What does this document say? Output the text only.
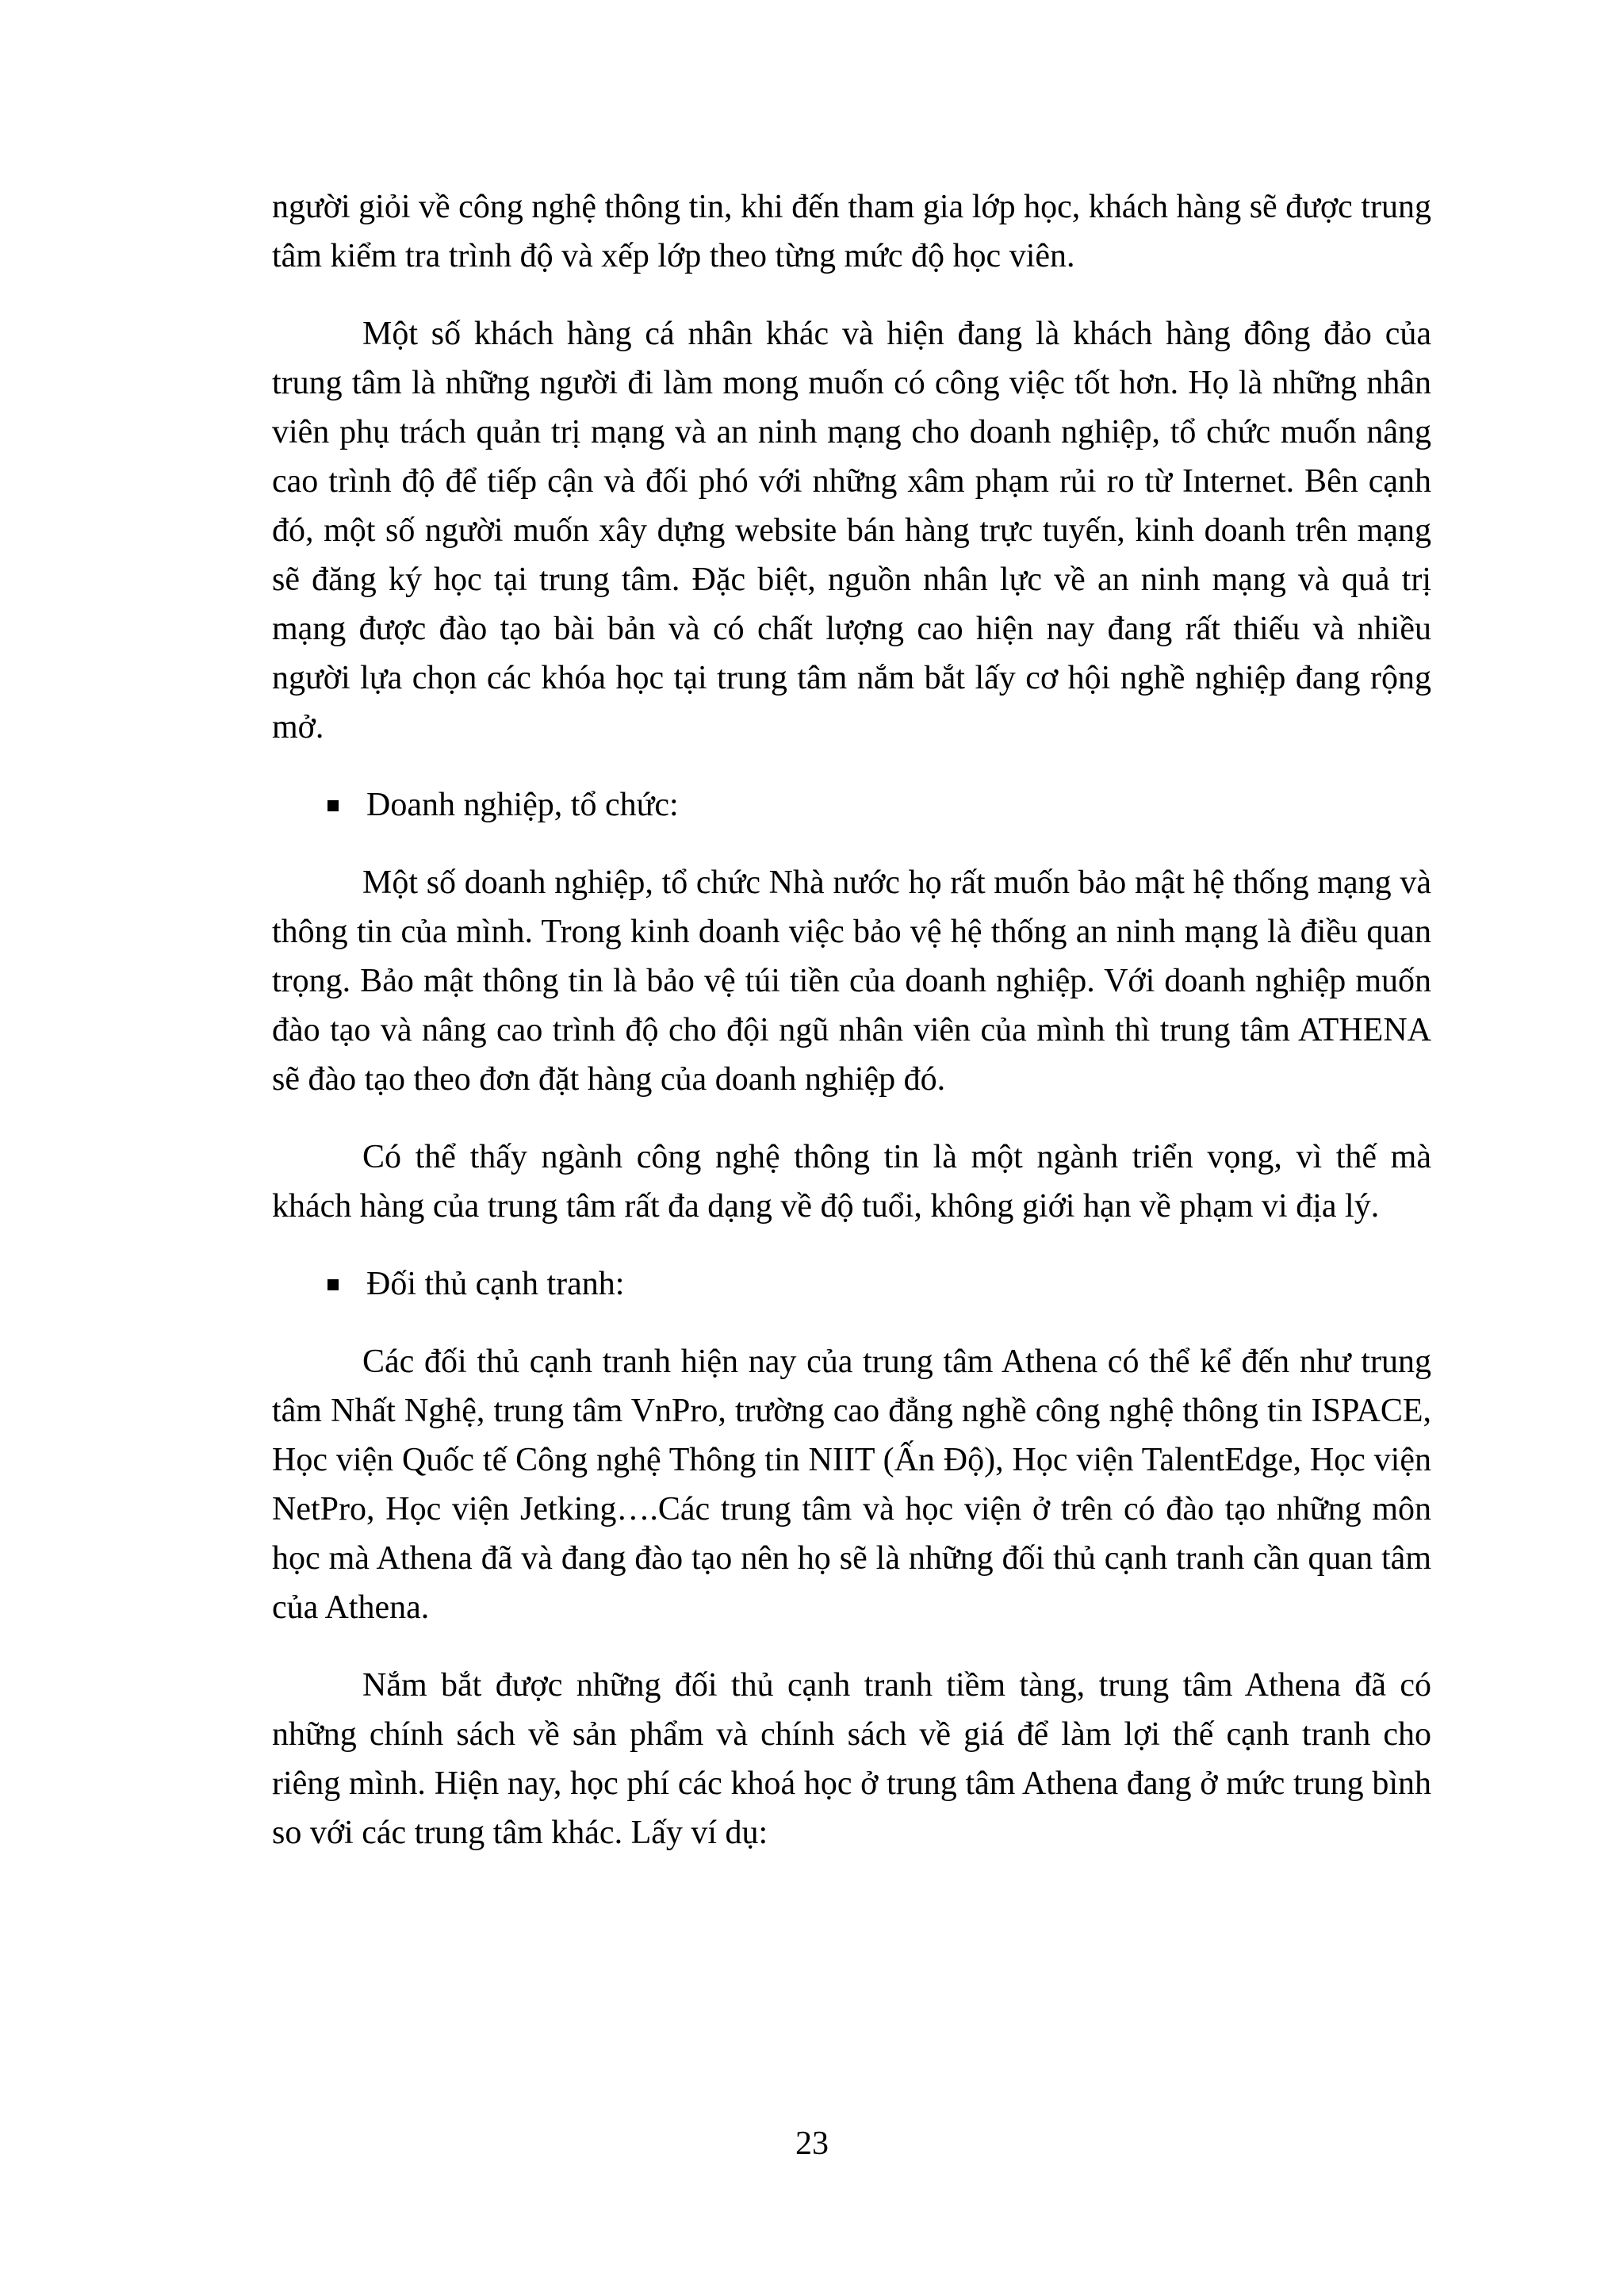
người giỏi về công nghệ thông tin, khi đến tham gia lớp học, khách hàng sẽ được trung tâm kiểm tra trình độ và xếp lớp theo từng mức độ học viên.

Một số khách hàng cá nhân khác và hiện đang là khách hàng đông đảo của trung tâm là những người đi làm mong muốn có công việc tốt hơn. Họ là những nhân viên phụ trách quản trị mạng và an ninh mạng cho doanh nghiệp, tổ chức muốn nâng cao trình độ để tiếp cận và đối phó với những xâm phạm rủi ro từ Internet. Bên cạnh đó, một số người muốn xây dựng website bán hàng trực tuyến, kinh doanh trên mạng sẽ đăng ký học tại trung tâm. Đặc biệt, nguồn nhân lực về an ninh mạng và quả trị mạng được đào tạo bài bản và có chất lượng cao hiện nay đang rất thiếu và nhiều người lựa chọn các khóa học tại trung tâm nắm bắt lấy cơ hội nghề nghiệp đang rộng mở.

Doanh nghiệp, tổ chức:

Một số doanh nghiệp, tổ chức Nhà nước họ rất muốn bảo mật hệ thống mạng và thông tin của mình. Trong kinh doanh việc bảo vệ hệ thống an ninh mạng là điều quan trọng. Bảo mật thông tin là bảo vệ túi tiền của doanh nghiệp. Với doanh nghiệp muốn đào tạo và nâng cao trình độ cho đội ngũ nhân viên của mình thì trung tâm ATHENA sẽ đào tạo theo đơn đặt hàng của doanh nghiệp đó.

Có thể thấy ngành công nghệ thông tin là một ngành triển vọng, vì thế mà khách hàng của trung tâm rất đa dạng về độ tuổi, không giới hạn về phạm vi địa lý.

Đối thủ cạnh tranh:

Các đối thủ cạnh tranh hiện nay của trung tâm Athena có thể kể đến như trung tâm Nhất Nghệ, trung tâm VnPro, trường cao đẳng nghề công nghệ thông tin ISPACE, Học viện Quốc tế Công nghệ Thông tin NIIT (Ấn Độ), Học viện TalentEdge, Học viện NetPro, Học viện Jetking….Các trung tâm và học viện ở trên có đào tạo những môn học mà Athena đã và đang đào tạo nên họ sẽ là những đối thủ cạnh tranh cần quan tâm của Athena.

Nắm bắt được những đối thủ cạnh tranh tiềm tàng, trung tâm Athena đã có những chính sách về sản phẩm và chính sách về giá để làm lợi thế cạnh tranh cho riêng mình. Hiện nay, học phí các khoá học ở trung tâm Athena đang ở mức trung bình so với các trung tâm khác. Lấy ví dụ:

23
